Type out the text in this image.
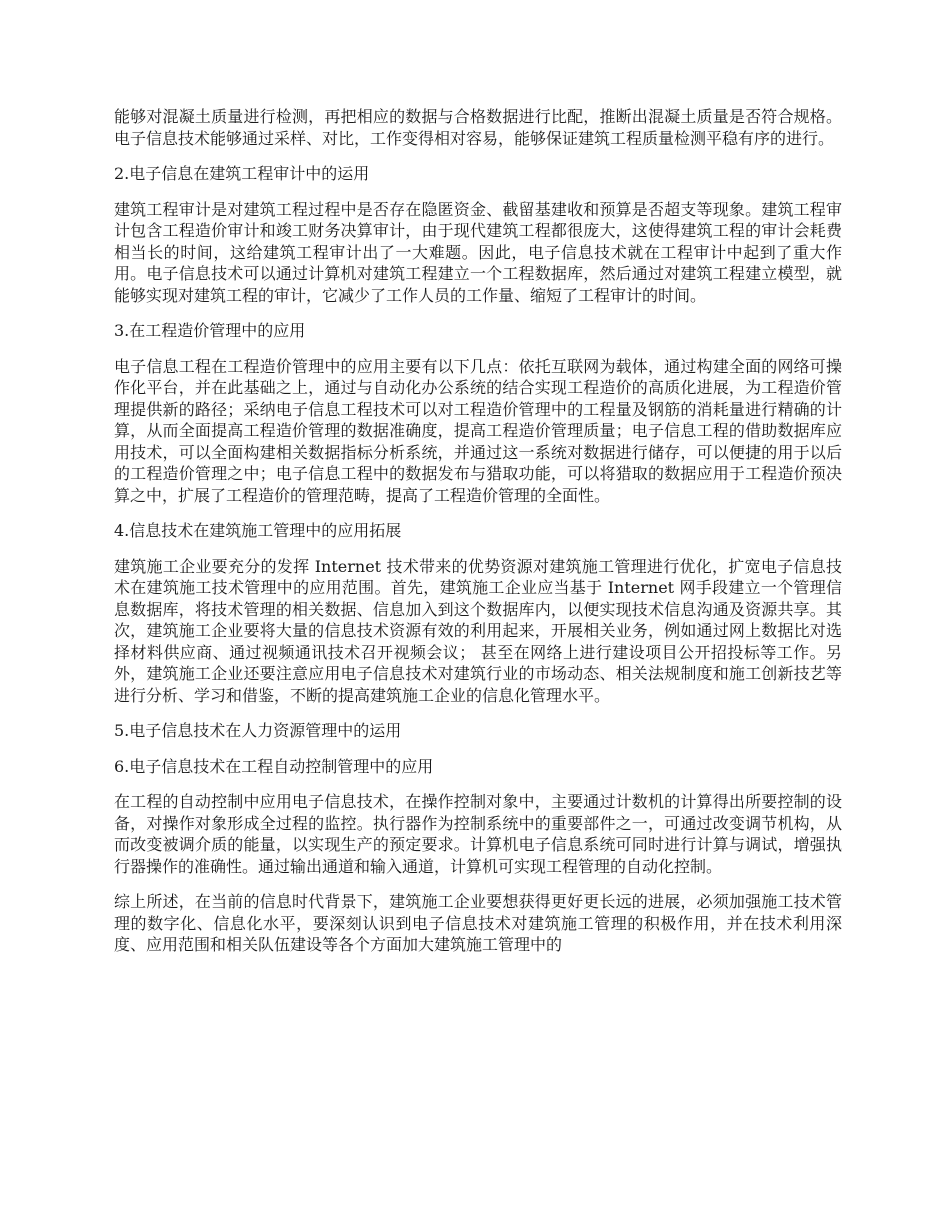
能够对混凝土质量进行检测，再把相应的数据与合格数据进行比配，推断出混凝土质量是否符合规格。电子信息技术能够通过采样、对比，工作变得相对容易，能够保证建筑工程质量检测平稳有序的进行。

2.电子信息在建筑工程审计中的运用

建筑工程审计是对建筑工程过程中是否存在隐匿资金、截留基建收和预算是否超支等现象。建筑工程审计包含工程造价审计和竣工财务决算审计，由于现代建筑工程都很庞大，这使得建筑工程的审计会耗费相当长的时间，这给建筑工程审计出了一大难题。因此，电子信息技术就在工程审计中起到了重大作用。电子信息技术可以通过计算机对建筑工程建立一个工程数据库，然后通过对建筑工程建立模型，就能够实现对建筑工程的审计，它减少了工作人员的工作量、缩短了工程审计的时间。

3.在工程造价管理中的应用

电子信息工程在工程造价管理中的应用主要有以下几点：依托互联网为载体，通过构建全面的网络可操作化平台，并在此基础之上，通过与自动化办公系统的结合实现工程造价的高质化进展，为工程造价管理提供新的路径；采纳电子信息工程技术可以对工程造价管理中的工程量及钢筋的消耗量进行精确的计算，从而全面提高工程造价管理的数据准确度，提高工程造价管理质量；电子信息工程的借助数据库应用技术，可以全面构建相关数据指标分析系统，并通过这一系统对数据进行储存，可以便捷的用于以后的工程造价管理之中；电子信息工程中的数据发布与猎取功能，可以将猎取的数据应用于工程造价预决算之中，扩展了工程造价的管理范畴，提高了工程造价管理的全面性。

4.信息技术在建筑施工管理中的应用拓展

建筑施工企业要充分的发挥 Internet 技术带来的优势资源对建筑施工管理进行优化，扩宽电子信息技术在建筑施工技术管理中的应用范围。首先，建筑施工企业应当基于 Internet 网手段建立一个管理信息数据库，将技术管理的相关数据、信息加入到这个数据库内，以便实现技术信息沟通及资源共享。其次，建筑施工企业要将大量的信息技术资源有效的利用起来，开展相关业务，例如通过网上数据比对选择材料供应商、通过视频通讯技术召开视频会议； 甚至在网络上进行建设项目公开招投标等工作。另外，建筑施工企业还要注意应用电子信息技术对建筑行业的市场动态、相关法规制度和施工创新技艺等进行分析、学习和借鉴，不断的提高建筑施工企业的信息化管理水平。

5.电子信息技术在人力资源管理中的运用

6.电子信息技术在工程自动控制管理中的应用

在工程的自动控制中应用电子信息技术，在操作控制对象中，主要通过计数机的计算得出所要控制的设备，对操作对象形成全过程的监控。执行器作为控制系统中的重要部件之一，可通过改变调节机构，从而改变被调介质的能量，以实现生产的预定要求。计算机电子信息系统可同时进行计算与调试，增强执行器操作的准确性。通过输出通道和输入通道，计算机可实现工程管理的自动化控制。

综上所述，在当前的信息时代背景下，建筑施工企业要想获得更好更长远的进展，必须加强施工技术管理的数字化、信息化水平，要深刻认识到电子信息技术对建筑施工管理的积极作用，并在技术利用深度、应用范围和相关队伍建设等各个方面加大建筑施工管理中的
